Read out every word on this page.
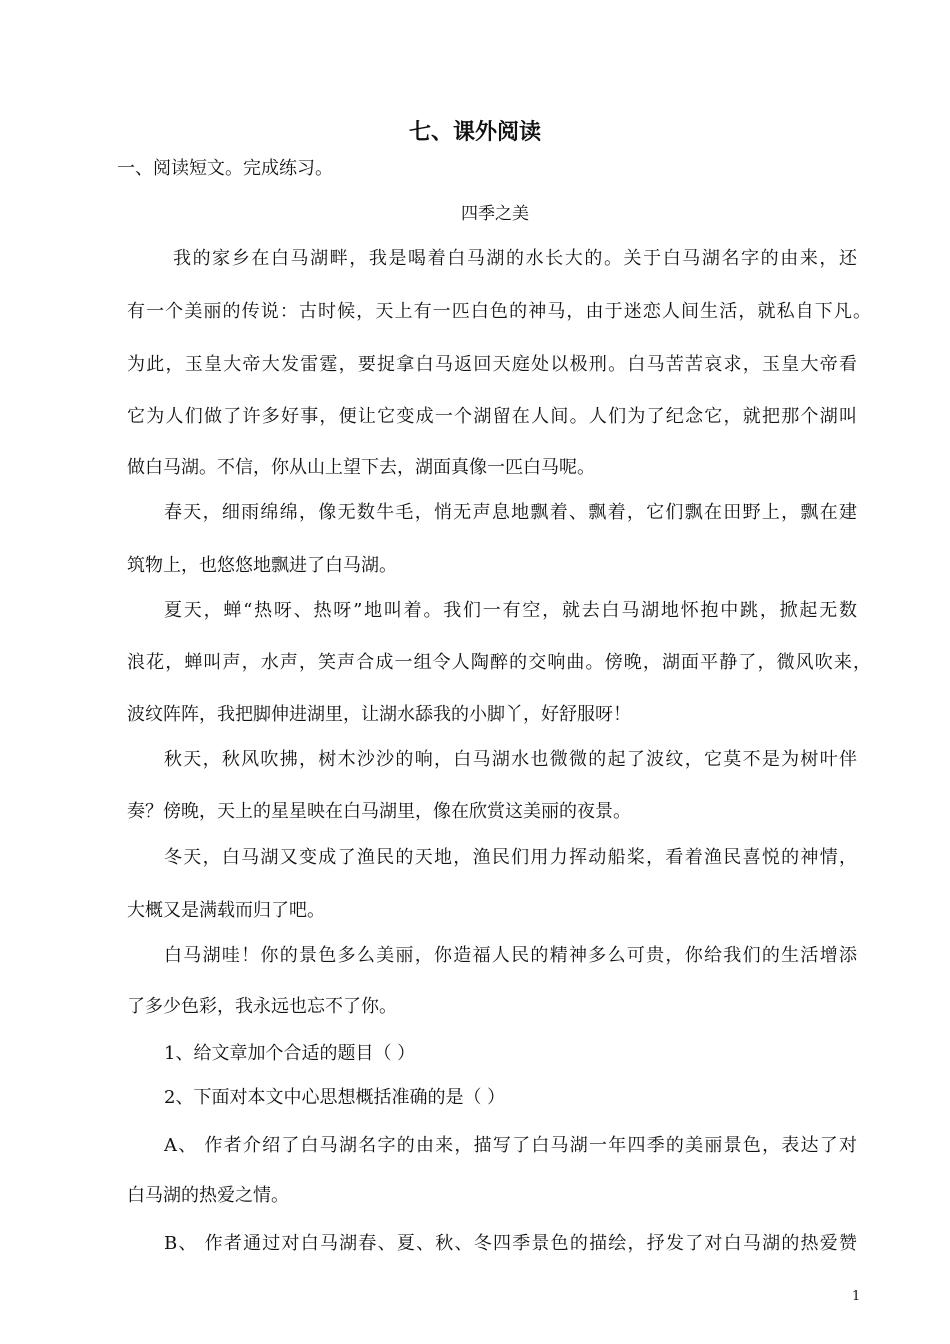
七、课外阅读
一、阅读短文。完成练习。
四季之美
我的家乡在白马湖畔，我是喝着白马湖的水长大的。关于白马湖名字的由来，还
有一个美丽的传说：古时候，天上有一匹白色的神马，由于迷恋人间生活，就私自下凡。
为此，玉皇大帝大发雷霆，要捉拿白马返回天庭处以极刑。白马苦苦哀求，玉皇大帝看
它为人们做了许多好事，便让它变成一个湖留在人间。人们为了纪念它，就把那个湖叫
做白马湖。不信，你从山上望下去，湖面真像一匹白马呢。
春天，细雨绵绵，像无数牛毛，悄无声息地飘着、飘着，它们飘在田野上，飘在建
筑物上，也悠悠地飘进了白马湖。
夏天，蝉“热呀、热呀”地叫着。我们一有空，就去白马湖地怀抱中跳，掀起无数
浪花，蝉叫声，水声，笑声合成一组令人陶醉的交响曲。傍晚，湖面平静了，微风吹来，
波纹阵阵，我把脚伸进湖里，让湖水舔我的小脚丫，好舒服呀！
秋天，秋风吹拂，树木沙沙的响，白马湖水也微微的起了波纹，它莫不是为树叶伴
奏？傍晚，天上的星星映在白马湖里，像在欣赏这美丽的夜景。
冬天，白马湖又变成了渔民的天地，渔民们用力挥动船桨，看着渔民喜悦的神情，
大概又是满载而归了吧。
白马湖哇！你的景色多么美丽，你造福人民的精神多么可贵，你给我们的生活增添
了多少色彩，我永远也忘不了你。
1、给文章加个合适的题目（ ）
2、下面对本文中心思想概括准确的是（ ）
A、 作者介绍了白马湖名字的由来，描写了白马湖一年四季的美丽景色，表达了对
白马湖的热爱之情。
B、 作者通过对白马湖春、夏、秋、冬四季景色的描绘，抒发了对白马湖的热爱赞
1
